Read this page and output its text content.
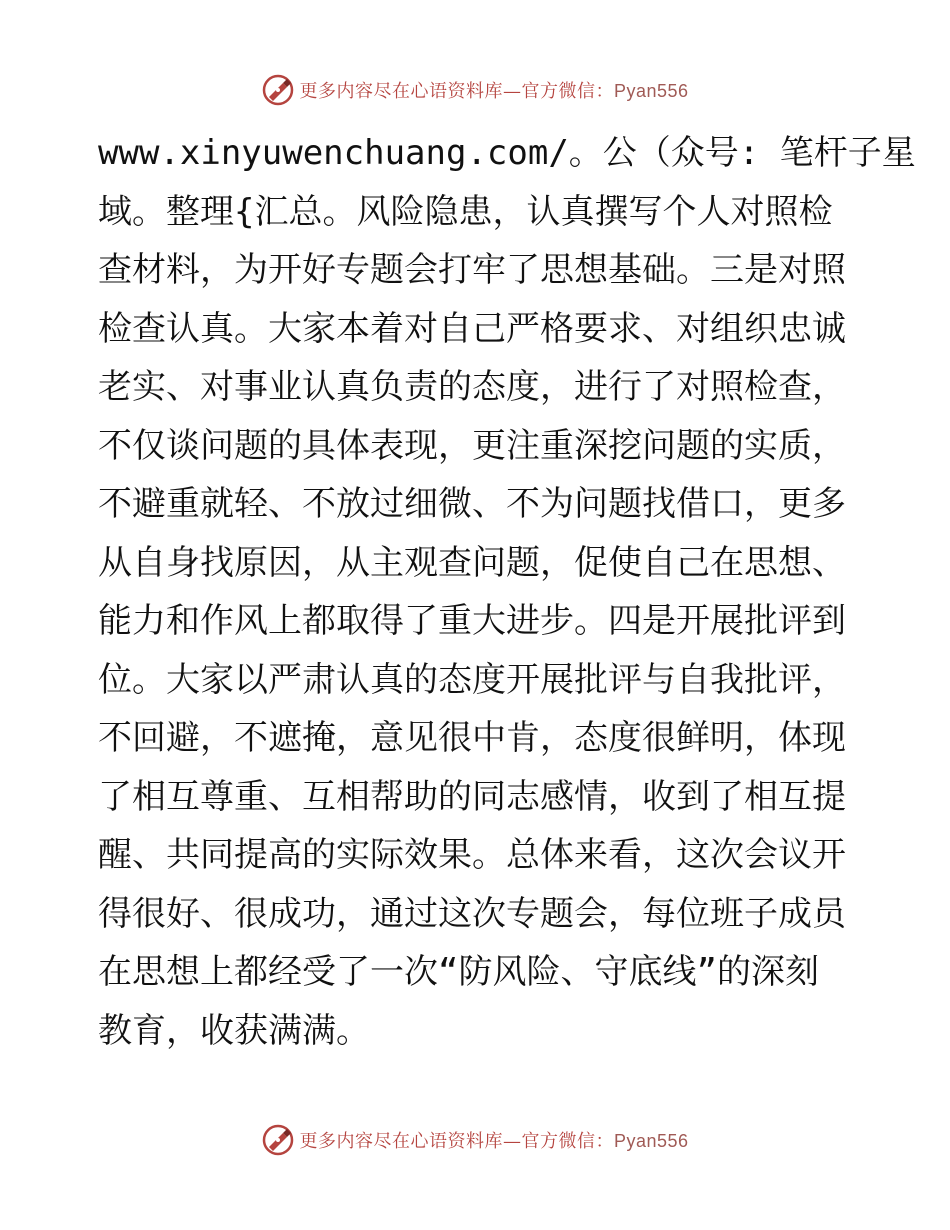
更多内容尽在心语资料库—官方微信：Pyan556
www.xinyuwenchuang.com/。公（众号: 笔杆子星
域。整理{汇总。风险隐患，认真撰写个人对照检
查材料，为开好专题会打牢了思想基础。三是对照
检查认真。大家本着对自己严格要求、对组织忠诚
老实、对事业认真负责的态度，进行了对照检查，
不仅谈问题的具体表现，更注重深挖问题的实质，
不避重就轻、不放过细微、不为问题找借口，更多
从自身找原因，从主观查问题，促使自己在思想、
能力和作风上都取得了重大进步。四是开展批评到
位。大家以严肃认真的态度开展批评与自我批评，
不回避，不遮掩，意见很中肯，态度很鲜明，体现
了相互尊重、互相帮助的同志感情，收到了相互提
醒、共同提高的实际效果。总体来看，这次会议开
得很好、很成功，通过这次专题会，每位班子成员
在思想上都经受了一次“防风险、守底线”的深刻
教育，收获满满。
更多内容尽在心语资料库—官方微信：Pyan556
